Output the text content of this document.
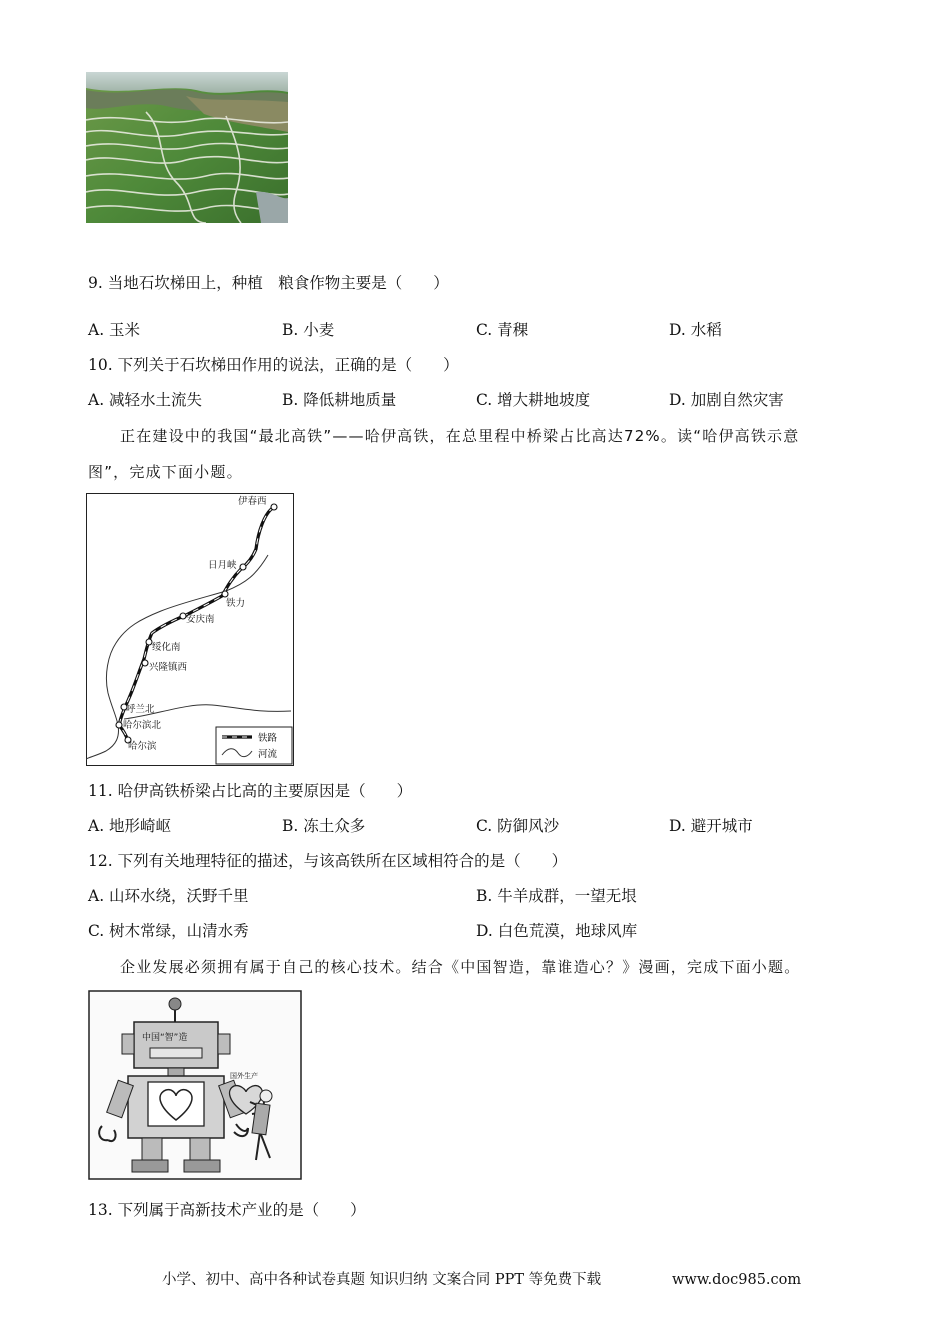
9. 当地石坎梯田上，种植　粮食作物主要是（　　）
A. 玉米	B. 小麦	C. 青稞	D. 水稻
10. 下列关于石坎梯田作用的说法，正确的是（　　）
A. 减轻水土流失	B. 降低耕地质量	C. 增大耕地坡度	D. 加剧自然灾害
正在建设中的我国“最北高铁”——哈伊高铁，在总里程中桥梁占比高达72%。读“哈伊高铁示意
图”，完成下面小题。
伊春西
日月峡
铁力
安庆南
绥化南
兴隆镇西
呼兰北
哈尔滨北
哈尔滨
铁路
河流
11. 哈伊高铁桥梁占比高的主要原因是（　　）
A. 地形崎岖	B. 冻土众多	C. 防御风沙	D. 避开城市
12. 下列有关地理特征的描述，与该高铁所在区域相符合的是（　　）
A. 山环水绕，沃野千里	B. 牛羊成群，一望无垠
C. 树木常绿，山清水秀	D. 白色荒漠，地球风库
企业发展必须拥有属于自己的核心技术。结合《中国智造，靠谁造心？》漫画，完成下面小题。
中国“智”造
国外生产
13. 下列属于高新技术产业的是（　　）
小学、初中、高中各种试卷真题 知识归纳 文案合同 PPT 等免费下载	www.doc985.com
